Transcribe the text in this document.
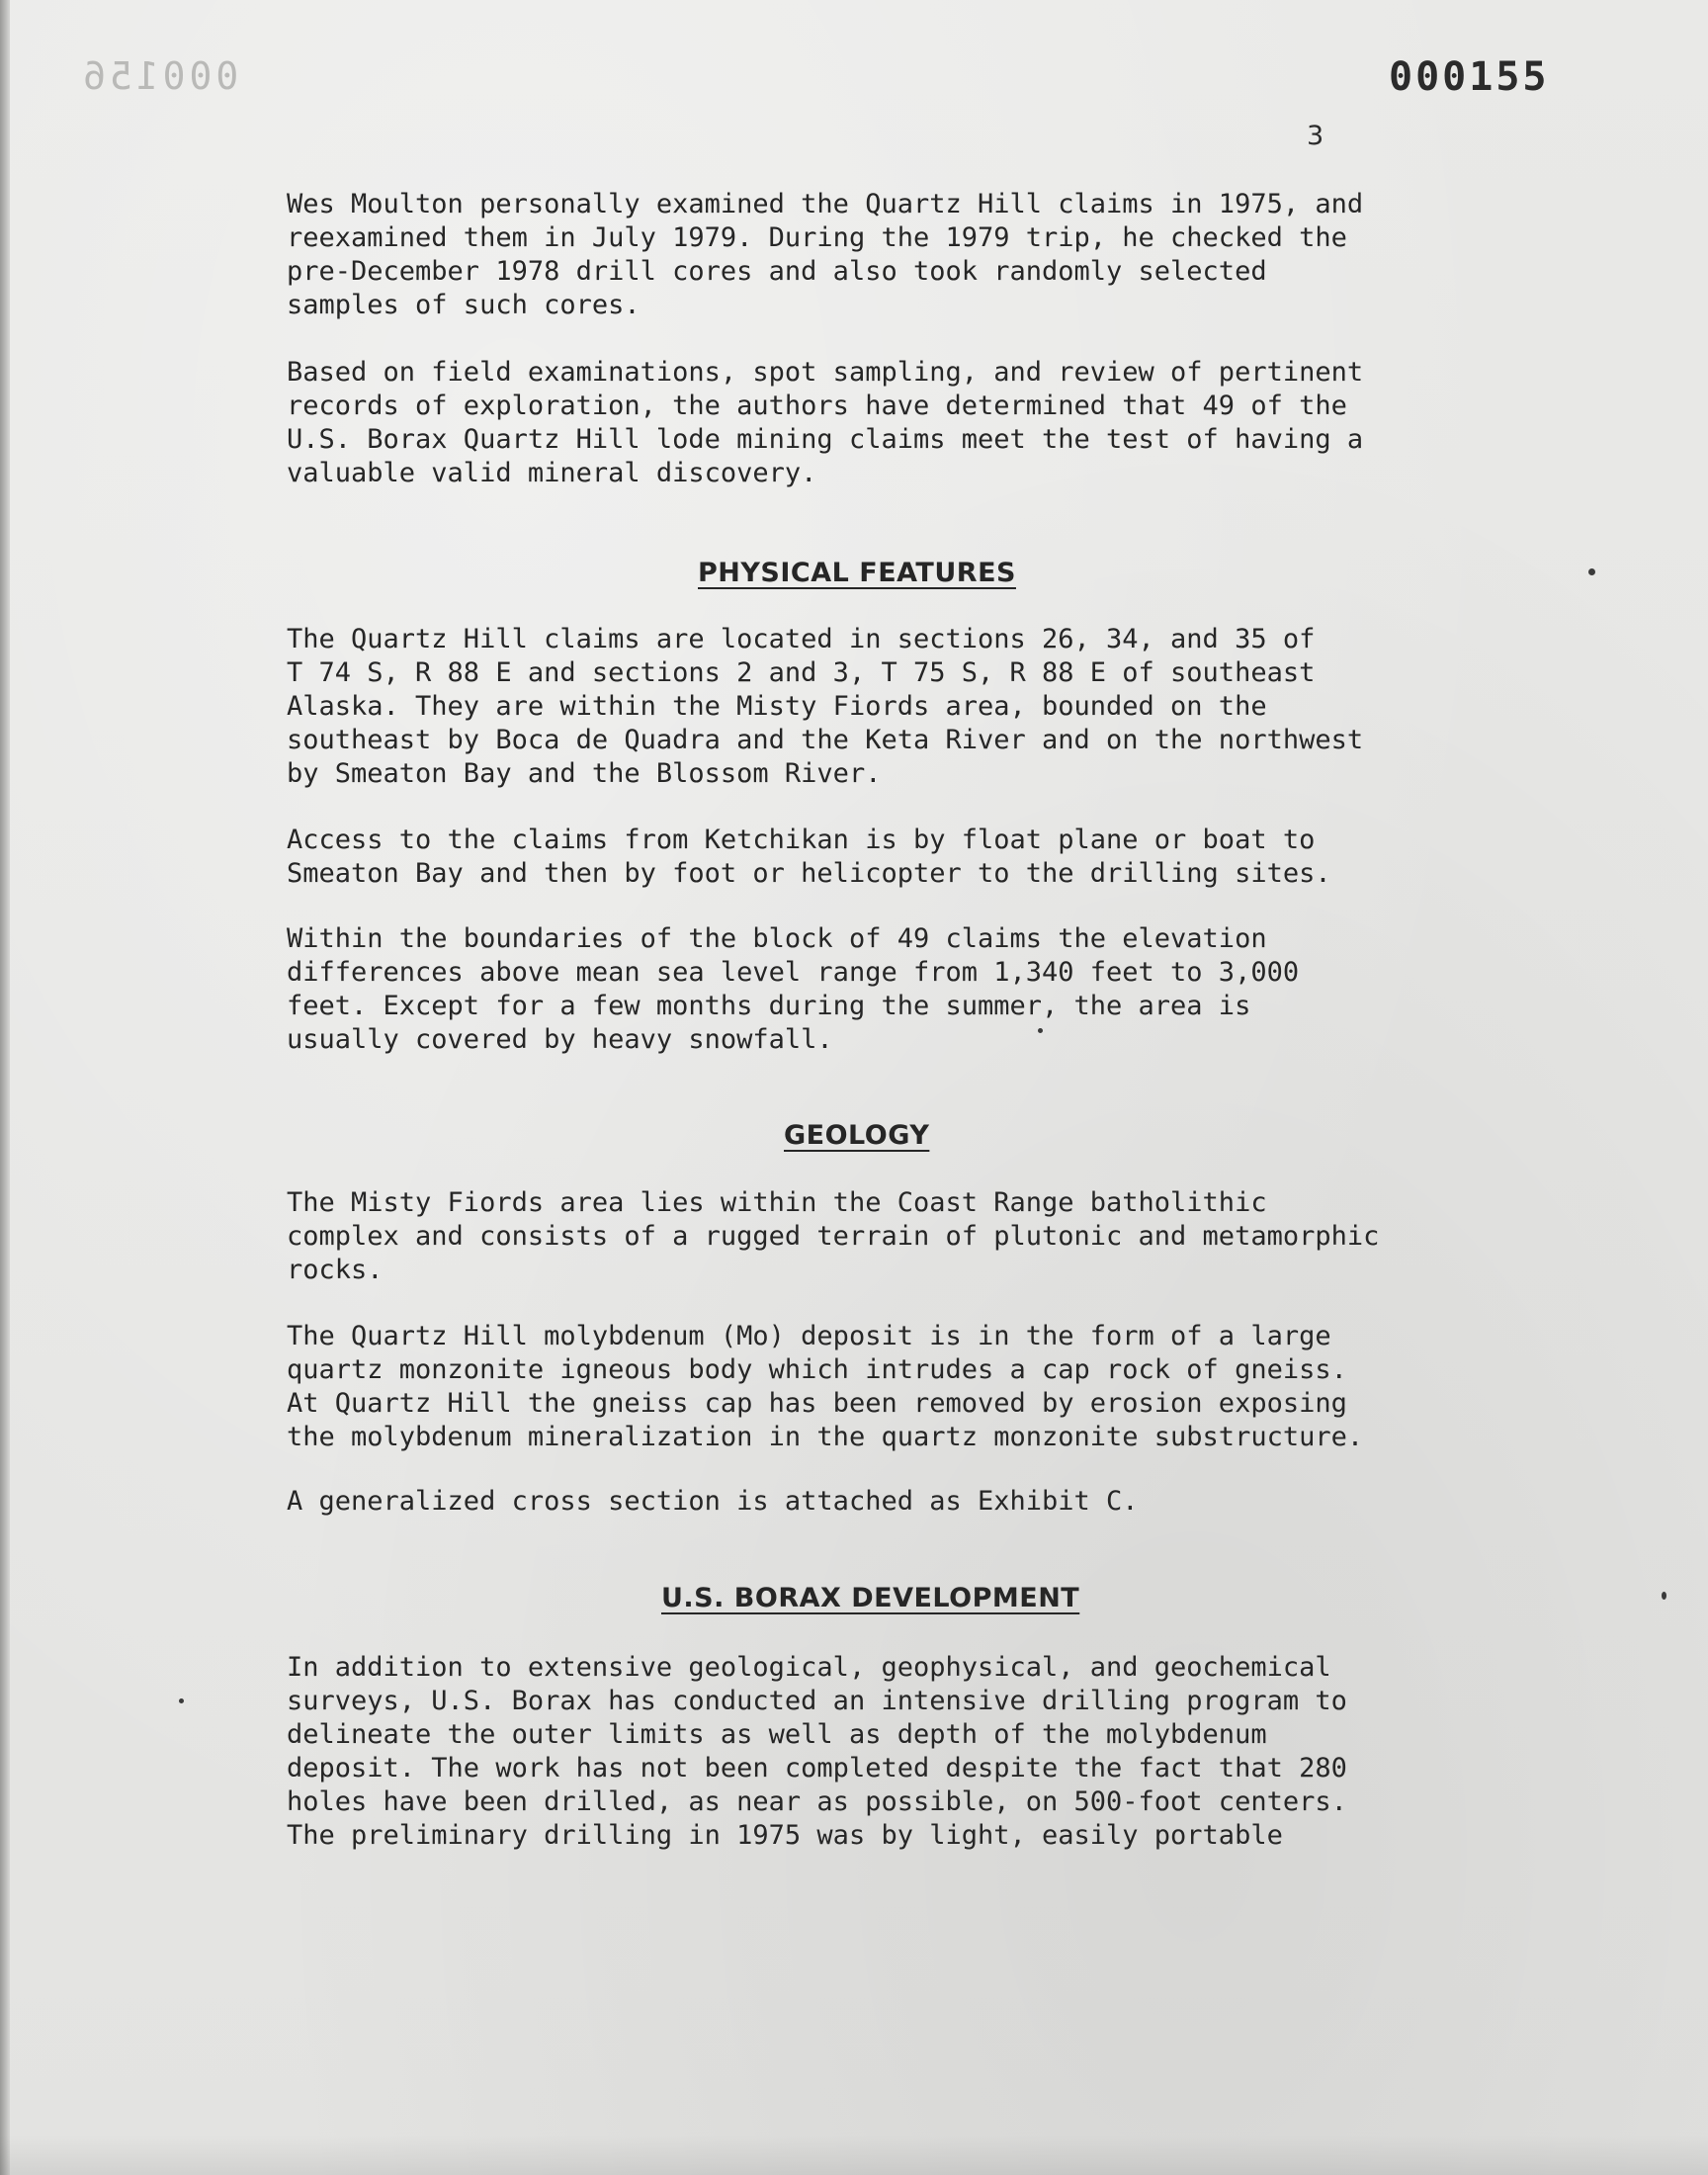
000156	000155
3

Wes Moulton personally examined the Quartz Hill claims in 1975, and
reexamined them in July 1979. During the 1979 trip, he checked the
pre-December 1978 drill cores and also took randomly selected
samples of such cores.

Based on field examinations, spot sampling, and review of pertinent
records of exploration, the authors have determined that 49 of the
U.S. Borax Quartz Hill lode mining claims meet the test of having a
valuable valid mineral discovery.

PHYSICAL FEATURES

The Quartz Hill claims are located in sections 26, 34, and 35 of
T 74 S, R 88 E and sections 2 and 3, T 75 S, R 88 E of southeast
Alaska. They are within the Misty Fiords area, bounded on the
southeast by Boca de Quadra and the Keta River and on the northwest
by Smeaton Bay and the Blossom River.

Access to the claims from Ketchikan is by float plane or boat to
Smeaton Bay and then by foot or helicopter to the drilling sites.

Within the boundaries of the block of 49 claims the elevation
differences above mean sea level range from 1,340 feet to 3,000
feet. Except for a few months during the summer, the area is
usually covered by heavy snowfall.

GEOLOGY

The Misty Fiords area lies within the Coast Range batholithic
complex and consists of a rugged terrain of plutonic and metamorphic
rocks.

The Quartz Hill molybdenum (Mo) deposit is in the form of a large
quartz monzonite igneous body which intrudes a cap rock of gneiss.
At Quartz Hill the gneiss cap has been removed by erosion exposing
the molybdenum mineralization in the quartz monzonite substructure.

A generalized cross section is attached as Exhibit C.

U.S. BORAX DEVELOPMENT

In addition to extensive geological, geophysical, and geochemical
surveys, U.S. Borax has conducted an intensive drilling program to
delineate the outer limits as well as depth of the molybdenum
deposit. The work has not been completed despite the fact that 280
holes have been drilled, as near as possible, on 500-foot centers.
The preliminary drilling in 1975 was by light, easily portable
